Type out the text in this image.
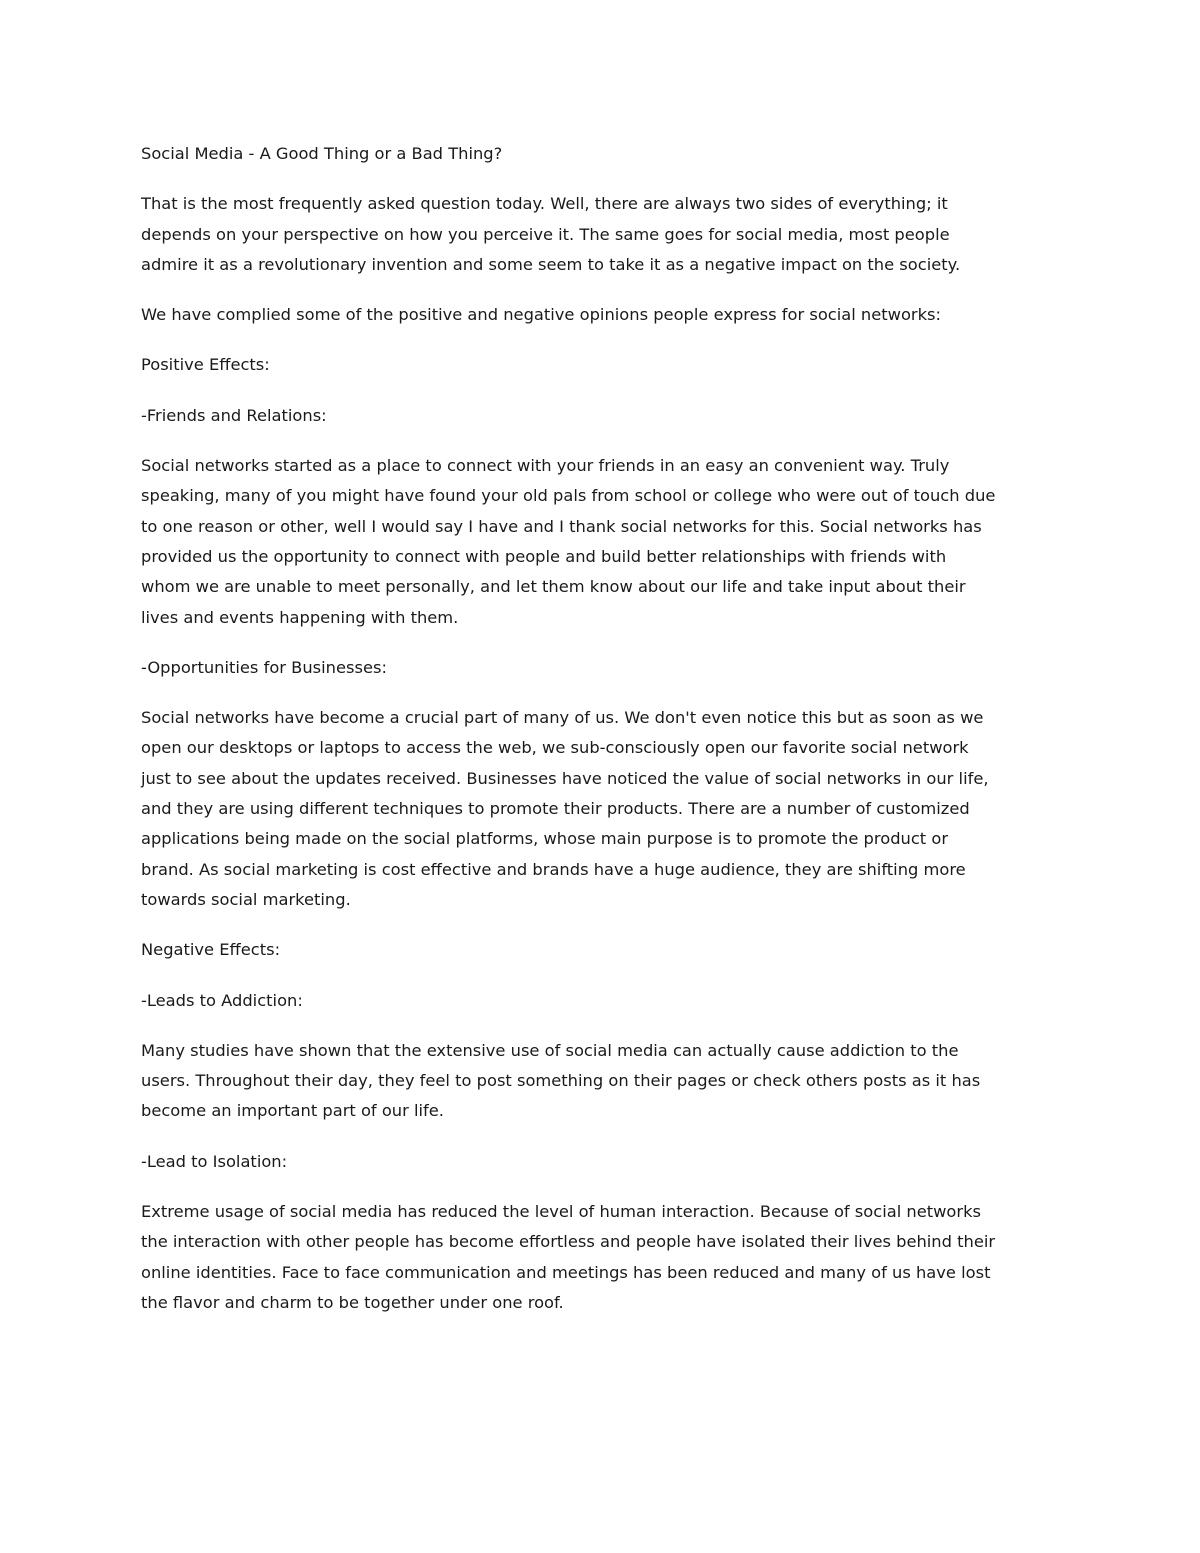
Social Media - A Good Thing or a Bad Thing?

That is the most frequently asked question today. Well, there are always two sides of everything; it
depends on your perspective on how you perceive it. The same goes for social media, most people
admire it as a revolutionary invention and some seem to take it as a negative impact on the society.

We have complied some of the positive and negative opinions people express for social networks:

Positive Effects:

-Friends and Relations:

Social networks started as a place to connect with your friends in an easy an convenient way. Truly
speaking, many of you might have found your old pals from school or college who were out of touch due
to one reason or other, well I would say I have and I thank social networks for this. Social networks has
provided us the opportunity to connect with people and build better relationships with friends with
whom we are unable to meet personally, and let them know about our life and take input about their
lives and events happening with them.

-Opportunities for Businesses:

Social networks have become a crucial part of many of us. We don't even notice this but as soon as we
open our desktops or laptops to access the web, we sub-consciously open our favorite social network
just to see about the updates received. Businesses have noticed the value of social networks in our life,
and they are using different techniques to promote their products. There are a number of customized
applications being made on the social platforms, whose main purpose is to promote the product or
brand. As social marketing is cost effective and brands have a huge audience, they are shifting more
towards social marketing.

Negative Effects:

-Leads to Addiction:

Many studies have shown that the extensive use of social media can actually cause addiction to the
users. Throughout their day, they feel to post something on their pages or check others posts as it has
become an important part of our life.

-Lead to Isolation:

Extreme usage of social media has reduced the level of human interaction. Because of social networks
the interaction with other people has become effortless and people have isolated their lives behind their
online identities. Face to face communication and meetings has been reduced and many of us have lost
the flavor and charm to be together under one roof.
